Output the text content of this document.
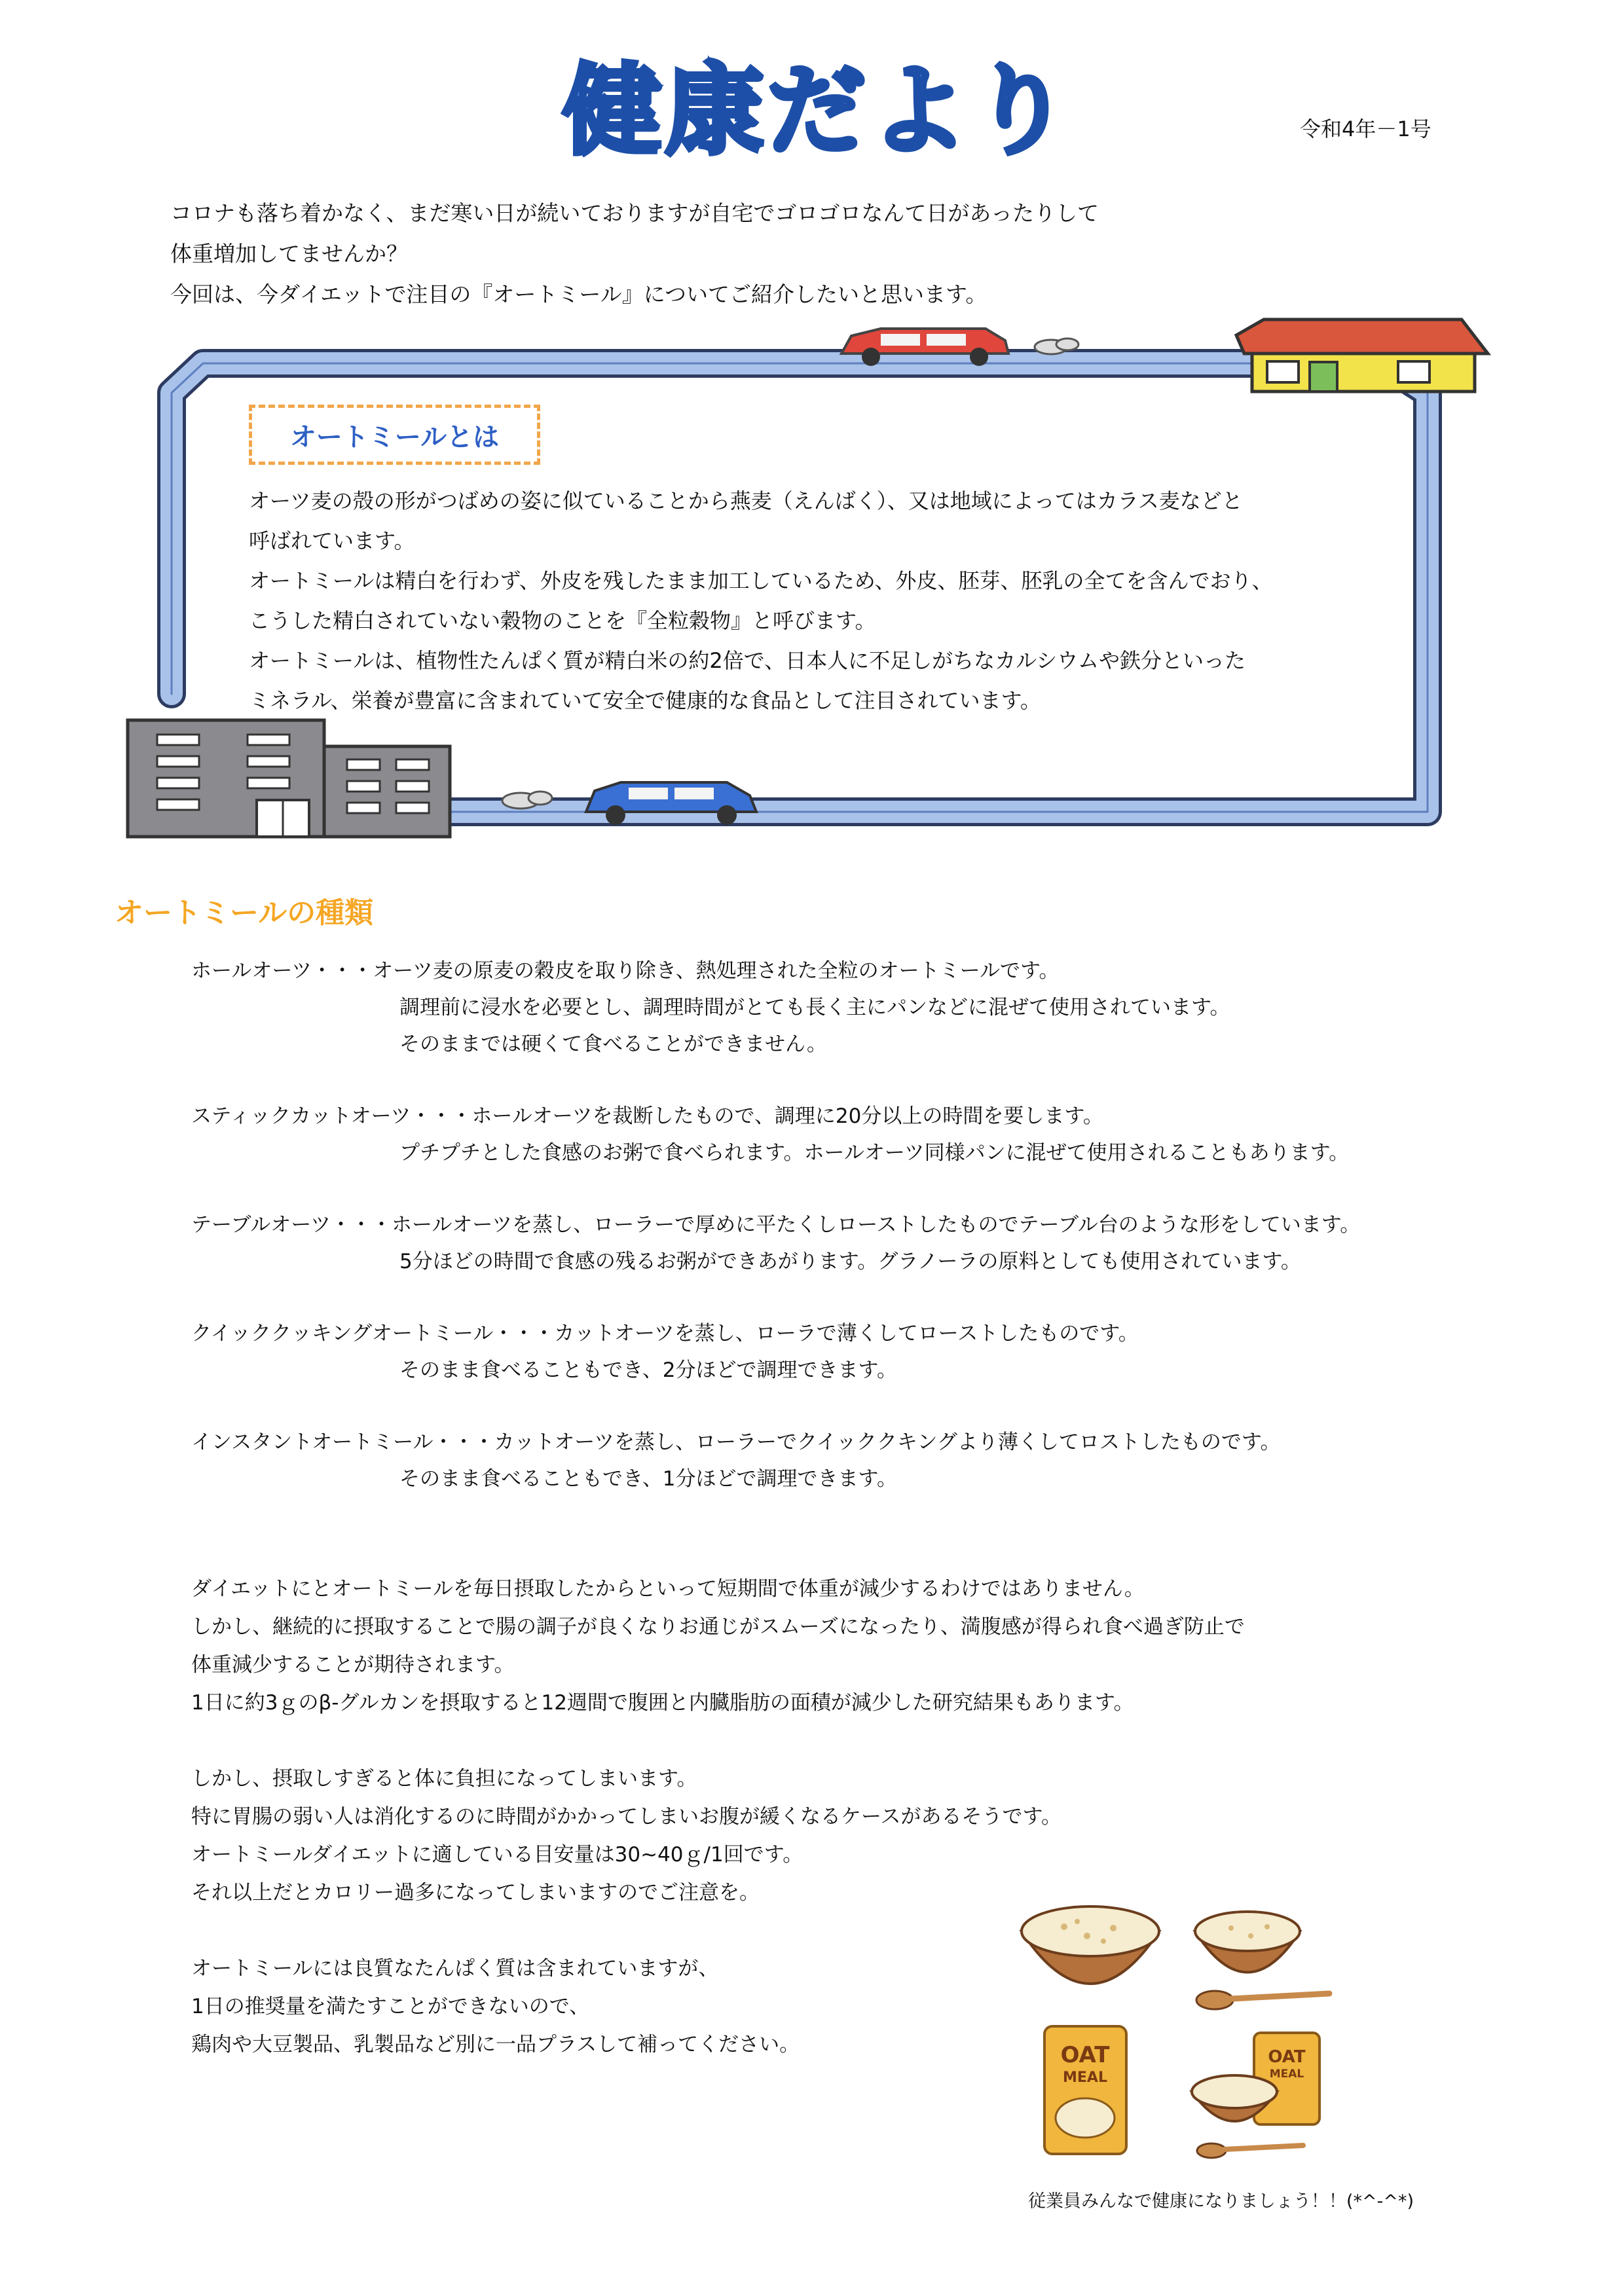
健康だより	令和4年－1号
コロナも落ち着かなく、まだ寒い日が続いておりますが自宅でゴロゴロなんて日があったりして
体重増加してませんか？
今回は、今ダイエットで注目の『オートミール』についてご紹介したいと思います。
オートミールとは
オーツ麦の殻の形がつばめの姿に似ていることから燕麦（えんばく）、又は地域によってはカラス麦などと
呼ばれています。
オートミールは精白を行わず、外皮を残したまま加工しているため、外皮、胚芽、胚乳の全てを含んでおり、
こうした精白されていない穀物のことを『全粒穀物』と呼びます。
オートミールは、植物性たんぱく質が精白米の約2倍で、日本人に不足しがちなカルシウムや鉄分といった
ミネラル、栄養が豊富に含まれていて安全で健康的な食品として注目されています。
オートミールの種類
ホールオーツ・・・オーツ麦の原麦の穀皮を取り除き、熱処理された全粒のオートミールです。
調理前に浸水を必要とし、調理時間がとても長く主にパンなどに混ぜて使用されています。
そのままでは硬くて食べることができません。
スティックカットオーツ・・・ホールオーツを裁断したもので、調理に20分以上の時間を要します。
プチプチとした食感のお粥で食べられます。ホールオーツ同様パンに混ぜて使用されることもあります。
テーブルオーツ・・・ホールオーツを蒸し、ローラーで厚めに平たくしローストしたものでテーブル台のような形をしています。
5分ほどの時間で食感の残るお粥ができあがります。グラノーラの原料としても使用されています。
クイッククッキングオートミール・・・カットオーツを蒸し、ローラで薄くしてローストしたものです。
そのまま食べることもでき、2分ほどで調理できます。
インスタントオートミール・・・カットオーツを蒸し、ローラーでクイッククキングより薄くしてロストしたものです。
そのまま食べることもでき、1分ほどで調理できます。
ダイエットにとオートミールを毎日摂取したからといって短期間で体重が減少するわけではありません。
しかし、継続的に摂取することで腸の調子が良くなりお通じがスムーズになったり、満腹感が得られ食べ過ぎ防止で
体重減少することが期待されます。
1日に約3ｇのβ-グルカンを摂取すると12週間で腹囲と内臓脂肪の面積が減少した研究結果もあります。
しかし、摂取しすぎると体に負担になってしまいます。
特に胃腸の弱い人は消化するのに時間がかかってしまいお腹が緩くなるケースがあるそうです。
オートミールダイエットに適している目安量は30~40ｇ/1回です。
それ以上だとカロリー過多になってしまいますのでご注意を。
オートミールには良質なたんぱく質は含まれていますが、
1日の推奨量を満たすことができないので、
鶏肉や大豆製品、乳製品など別に一品プラスして補ってください。	OAT
MEAL
OAT
MEAL
従業員みんなで健康になりましょう！！(*^-^*)
